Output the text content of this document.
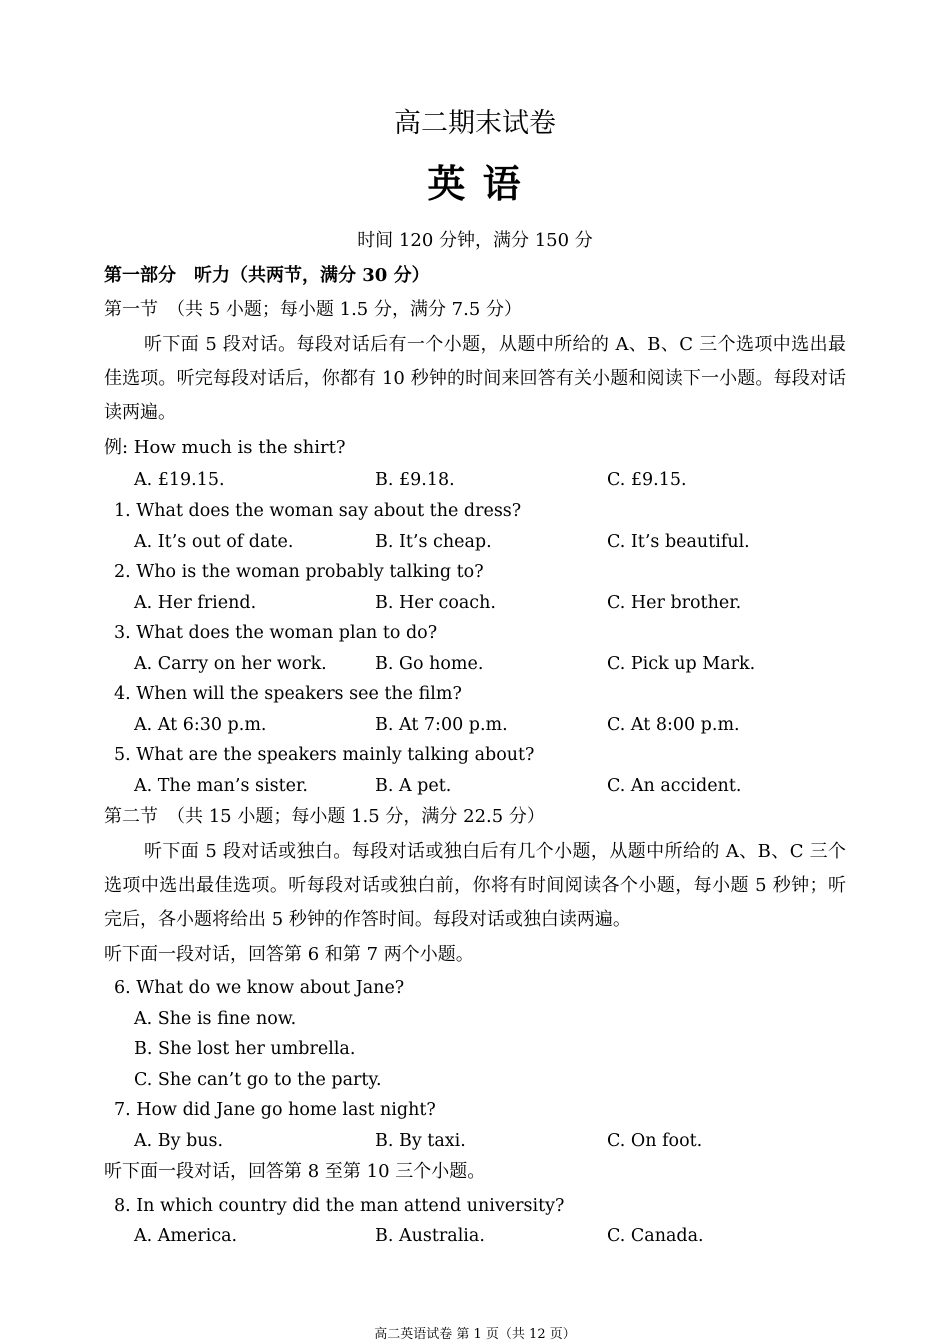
高二期末试卷
英 语
时间 120 分钟，满分 150 分
第一部分　听力（共两节，满分 30 分）
第一节　（共 5 小题；每小题 1.5 分，满分 7.5 分）
听下面 5 段对话。每段对话后有一个小题，从题中所给的 A、B、C 三个选项中选出最佳选项。听完每段对话后，你都有 10 秒钟的时间来回答有关小题和阅读下一小题。每段对话读两遍。
例: How much is the shirt?
A. £19.15.	B. £9.18.	C. £9.15.
1. What does the woman say about the dress?
A. It’s out of date.	B. It’s cheap.	C. It’s beautiful.
2. Who is the woman probably talking to?
A. Her friend.	B. Her coach.	C. Her brother.
3. What does the woman plan to do?
A. Carry on her work.	B. Go home.	C. Pick up Mark.
4. When will the speakers see the film?
A. At 6:30 p.m.	B. At 7:00 p.m.	C. At 8:00 p.m.
5. What are the speakers mainly talking about?
A. The man’s sister.	B. A pet.	C. An accident.
第二节　（共 15 小题；每小题 1.5 分，满分 22.5 分）
听下面 5 段对话或独白。每段对话或独白后有几个小题，从题中所给的 A、B、C 三个选项中选出最佳选项。听每段对话或独白前，你将有时间阅读各个小题，每小题 5 秒钟；听完后，各小题将给出 5 秒钟的作答时间。每段对话或独白读两遍。
听下面一段对话，回答第 6 和第 7 两个小题。
6. What do we know about Jane?
A. She is fine now.
B. She lost her umbrella.
C. She can’t go to the party.
7. How did Jane go home last night?
A. By bus.	B. By taxi.	C. On foot.
听下面一段对话，回答第 8 至第 10 三个小题。
8. In which country did the man attend university?
A. America.	B. Australia.	C. Canada.
高二英语试卷 第 1 页（共 12 页）
